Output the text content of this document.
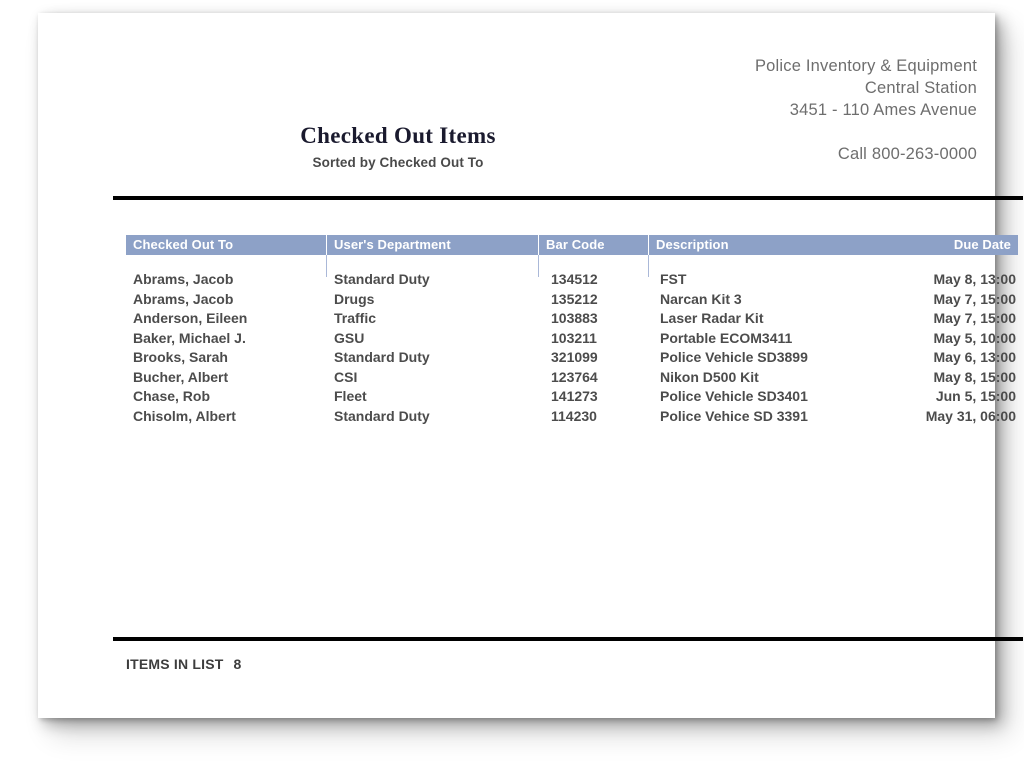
Police Inventory & Equipment
Central Station
3451 - 110 Ames Avenue
Call 800-263-0000
Checked Out Items
Sorted by Checked Out To
Checked Out To	User's Department	Bar Code	Description	Due Date
Abrams, Jacob	Standard Duty	134512	FST	May 8, 13:00
Abrams, Jacob	Drugs	135212	Narcan Kit 3	May 7, 15:00
Anderson, Eileen	Traffic	103883	Laser Radar Kit	May 7, 15:00
Baker, Michael J.	GSU	103211	Portable ECOM3411	May 5, 10:00
Brooks, Sarah	Standard Duty	321099	Police Vehicle SD3899	May 6, 13:00
Bucher, Albert	CSI	123764	Nikon D500 Kit	May 8, 15:00
Chase, Rob	Fleet	141273	Police Vehicle SD3401	Jun 5, 15:00
Chisolm, Albert	Standard Duty	114230	Police Vehice SD 3391	May 31, 06:00
ITEMS IN LIST 8
